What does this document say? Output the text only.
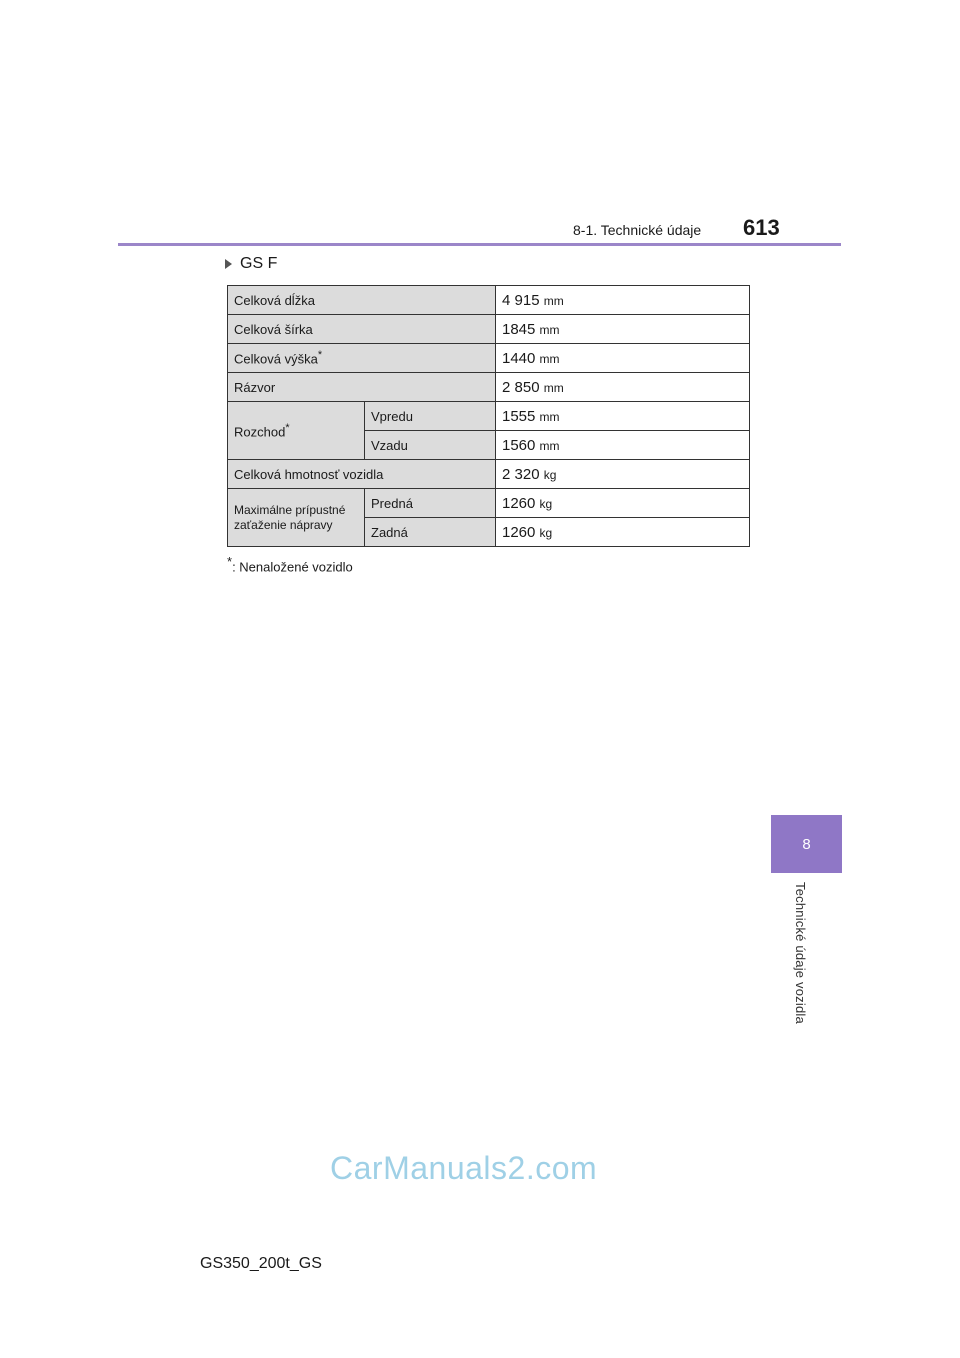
8-1. Technické údaje 613
8
Technické údaje vozidla
GS F
Celková dĺžka		4 915 mm
Celková šírka		1845 mm
Celková výška*		1440 mm
Rázvor		2 850 mm
Rozchod*	Vpredu	1555 mm
	Vzadu	1560 mm
Celková hmotnosť vozidla		2 320 kg
Maximálne prípustné zaťaženie nápravy	Predná	1260 kg
	Zadná	1260 kg
*: Nenaložené vozidlo
CarManuals2.com
GS350_200t_GS
